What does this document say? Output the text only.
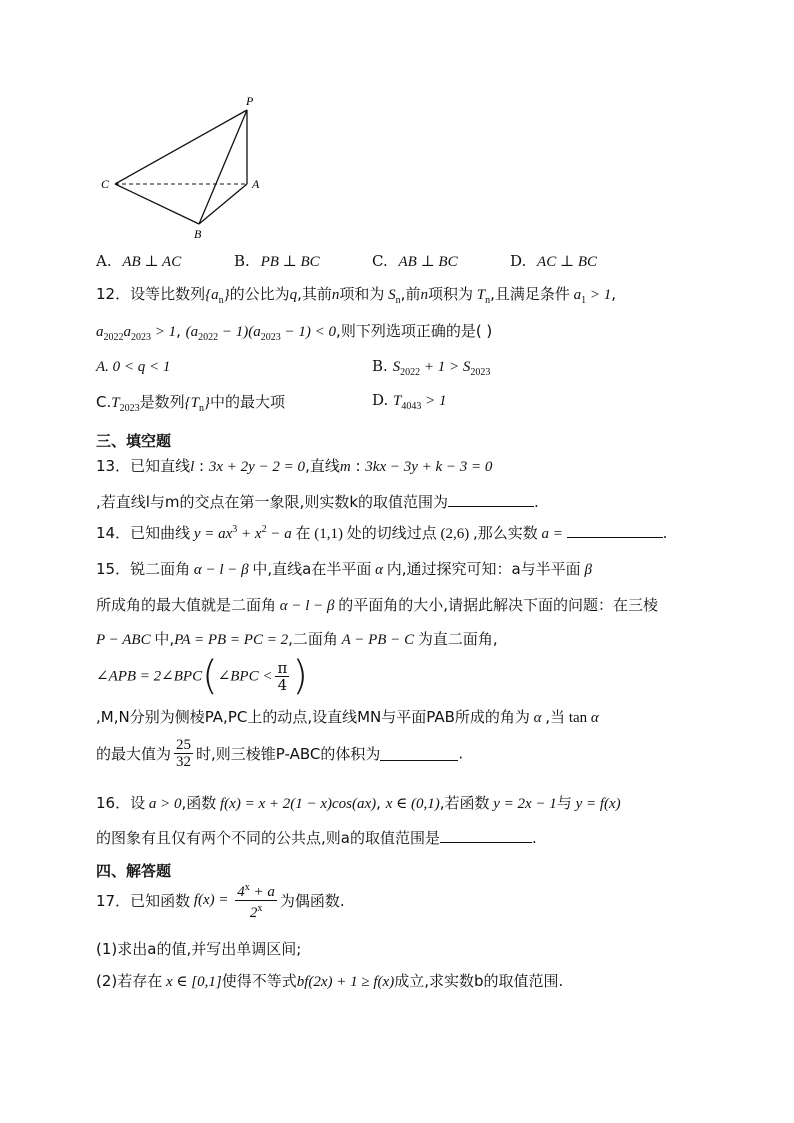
P
C	A
B
A. AB ⊥ AC	B. PB ⊥ BC	C. AB ⊥ BC	D. AC ⊥ BC
12．设等比数列$\{a_n\}$的公比为q,其前n项和为 $S_n$,前n项积为 $T_n$,且满足条件 $a_1 > 1$,
$a_{2022}a_{2023} > 1$, $(a_{2022} - 1)(a_{2023} - 1) < 0$,则下列选项正确的是( )
A. 0 < q < 1	B. $S_{2022} + 1 > S_{2023}$
$C.T_{2023}$是数列$\{T_n\}$中的最大项	D. $T_{4043} > 1$
三、填空题
13．已知直线l : 3x + 2y − 2 = 0,直线m : 3kx − 3y + k − 3 = 0
,若直线l与m的交点在第一象限,则实数k的取值范围为	.
14．已知曲线 $y = ax^3 + x^2 - a$ 在 (1,1) 处的切线过点 (2,6) ,那么实数 a =	.
15．锐二面角 α − l − β 中,直线a在半平面 α 内,通过探究可知：a与半平面 β
所成角的最大值就是二面角 α − l − β 的平面角的大小,请据此解决下面的问题：在三棱
P − ABC 中,PA = PB = PC = 2,二面角 A − PB − C 为直二面角,
∠APB = 2∠BPC(∠BPC < $\frac{\pi}{4}$ )
,M,N分别为侧棱PA,PC上的动点,设直线MN与平面PAB所成的角为 α ,当 tan α
的最大值为 $\frac{25}{32}$ 时,则三棱锥P-ABC的体积为	.
16．设 a > 0,函数 f(x) = x + 2(1 − x)cos(ax), x ∈ (0,1),若函数 y = 2x − 1与 y = f(x)
的图象有且仅有两个不同的公共点,则a的取值范围是	.
四、解答题
17．已知函数 $f(x) = \frac{4^x + a}{2^x}$ 为偶函数.
(1)求出a的值,并写出单调区间;
(2)若存在 x ∈ [0,1]使得不等式bf(2x) + 1 ≥ f(x)成立,求实数b的取值范围.
